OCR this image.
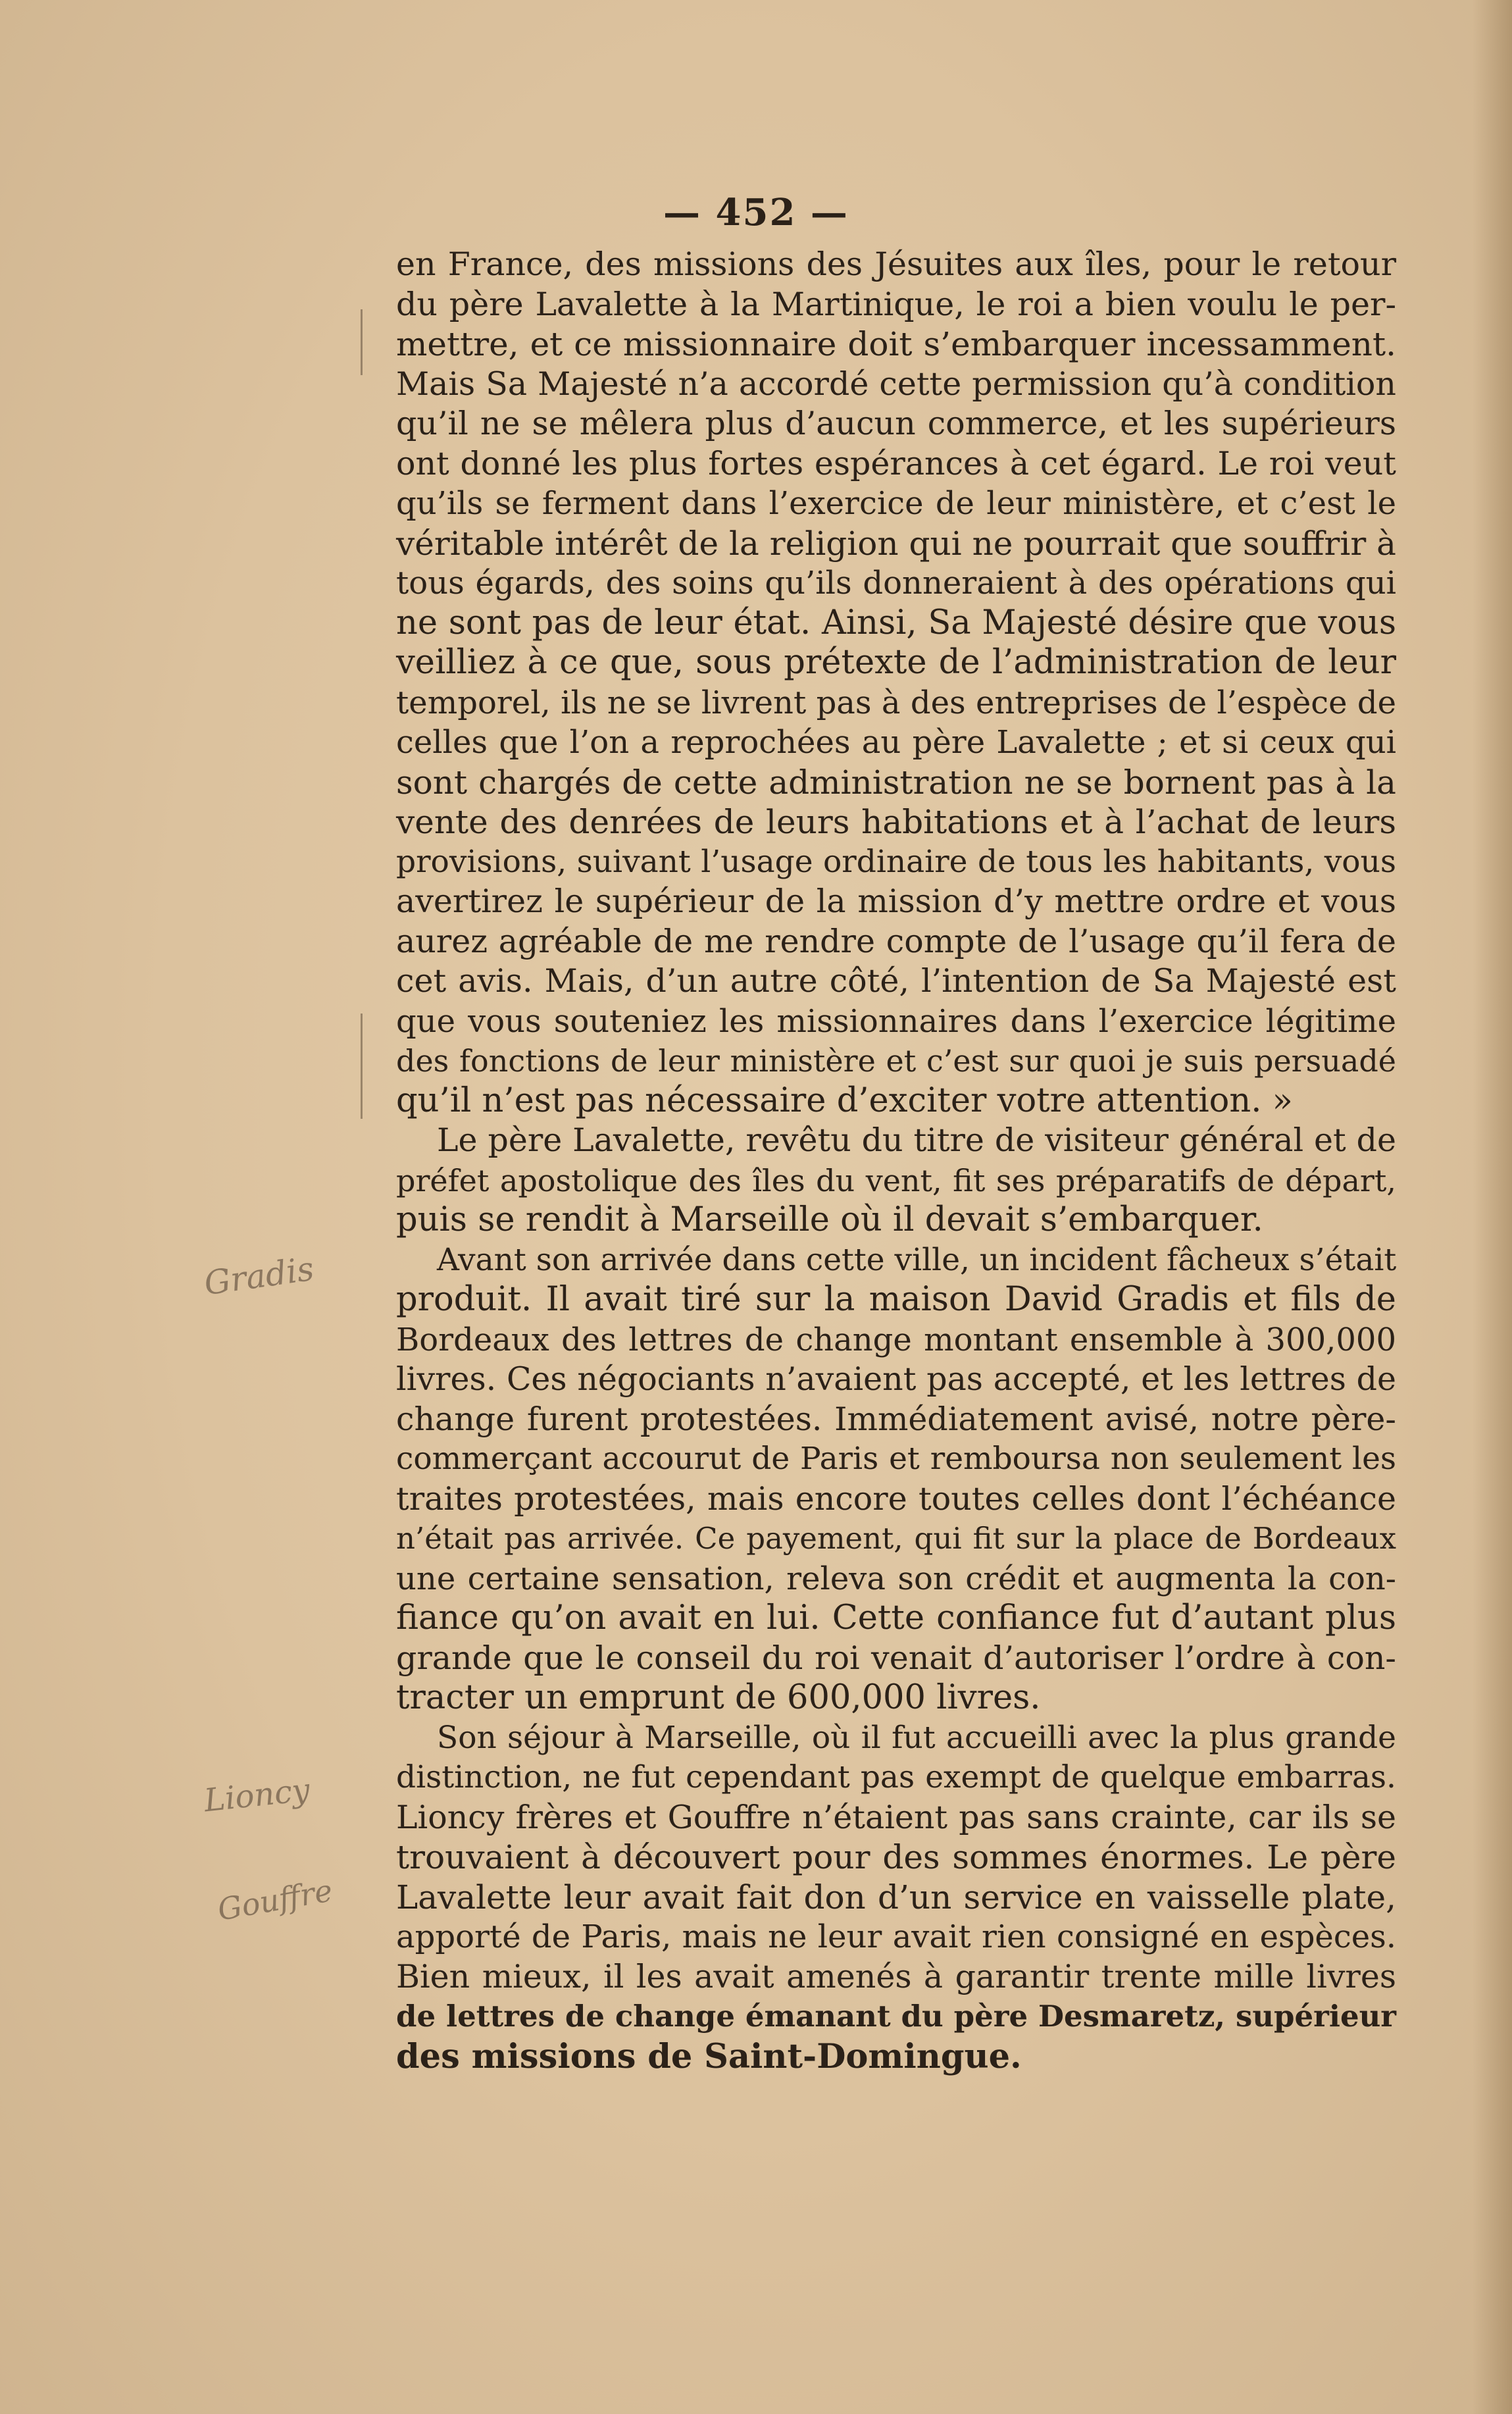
— 452 —
en France, des missions des Jésuites aux îles, pour le retour
du père Lavalette à la Martinique, le roi a bien voulu le per-
mettre, et ce missionnaire doit s’embarquer incessamment.
Mais Sa Majesté n’a accordé cette permission qu’à condition
qu’il ne se mêlera plus d’aucun commerce, et les supérieurs
ont donné les plus fortes espérances à cet égard. Le roi veut
qu’ils se ferment dans l’exercice de leur ministère, et c’est le
véritable intérêt de la religion qui ne pourrait que souffrir à
tous égards, des soins qu’ils donneraient à des opérations qui
ne sont pas de leur état. Ainsi, Sa Majesté désire que vous
veilliez à ce que, sous prétexte de l’administration de leur
temporel, ils ne se livrent pas à des entreprises de l’espèce de
celles que l’on a reprochées au père Lavalette ; et si ceux qui
sont chargés de cette administration ne se bornent pas à la
vente des denrées de leurs habitations et à l’achat de leurs
provisions, suivant l’usage ordinaire de tous les habitants, vous
avertirez le supérieur de la mission d’y mettre ordre et vous
aurez agréable de me rendre compte de l’usage qu’il fera de
cet avis. Mais, d’un autre côté, l’intention de Sa Majesté est
que vous souteniez les missionnaires dans l’exercice légitime
des fonctions de leur ministère et c’est sur quoi je suis persuadé
qu’il n’est pas nécessaire d’exciter votre attention. »
Le père Lavalette, revêtu du titre de visiteur général et de
préfet apostolique des îles du vent, fit ses préparatifs de départ,
puis se rendit à Marseille où il devait s’embarquer.
Avant son arrivée dans cette ville, un incident fâcheux s’était
produit. Il avait tiré sur la maison David Gradis et fils de
Bordeaux des lettres de change montant ensemble à 300,000
livres. Ces négociants n’avaient pas accepté, et les lettres de
change furent protestées. Immédiatement avisé, notre père-
commerçant accourut de Paris et remboursa non seulement les
traites protestées, mais encore toutes celles dont l’échéance
n’était pas arrivée. Ce payement, qui fit sur la place de Bordeaux
une certaine sensation, releva son crédit et augmenta la con-
fiance qu’on avait en lui. Cette confiance fut d’autant plus
grande que le conseil du roi venait d’autoriser l’ordre à con-
tracter un emprunt de 600,000 livres.
Son séjour à Marseille, où il fut accueilli avec la plus grande
distinction, ne fut cependant pas exempt de quelque embarras.
Lioncy frères et Gouffre n’étaient pas sans crainte, car ils se
trouvaient à découvert pour des sommes énormes. Le père
Lavalette leur avait fait don d’un service en vaisselle plate,
apporté de Paris, mais ne leur avait rien consigné en espèces.
Bien mieux, il les avait amenés à garantir trente mille livres
de lettres de change émanant du père Desmaretz, supérieur
des missions de Saint-Domingue.
Gradis
Lioncy
Gouffre
